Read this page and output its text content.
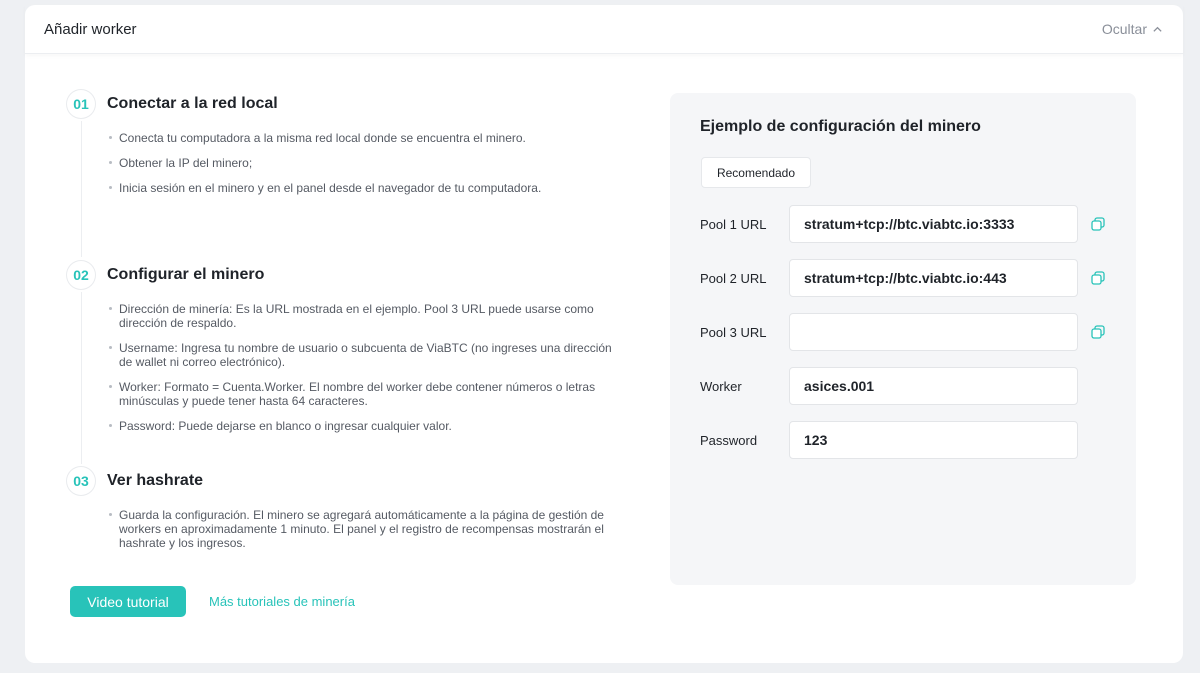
Añadir worker	Ocultar
01	Conectar a la red local
Conecta tu computadora a la misma red local donde se encuentra el minero.
Obtener la IP del minero;
Inicia sesión en el minero y en el panel desde el navegador de tu computadora.
02	Configurar el minero
Dirección de minería: Es la URL mostrada en el ejemplo. Pool 3 URL puede usarse como dirección de respaldo.
Username: Ingresa tu nombre de usuario o subcuenta de ViaBTC (no ingreses una dirección de wallet ni correo electrónico).
Worker: Formato = Cuenta.Worker. El nombre del worker debe contener números o letras minúsculas y puede tener hasta 64 caracteres.
Password: Puede dejarse en blanco o ingresar cualquier valor.
03	Ver hashrate
Guarda la configuración. El minero se agregará automáticamente a la página de gestión de workers en aproximadamente 1 minuto. El panel y el registro de recompensas mostrarán el hashrate y los ingresos.
Video tutorial	Más tutoriales de minería
Ejemplo de configuración del minero
Recomendado
Pool 1 URL	stratum+tcp://btc.viabtc.io:3333
Pool 2 URL	stratum+tcp://btc.viabtc.io:443
Pool 3 URL
Worker	asices.001
Password	123
